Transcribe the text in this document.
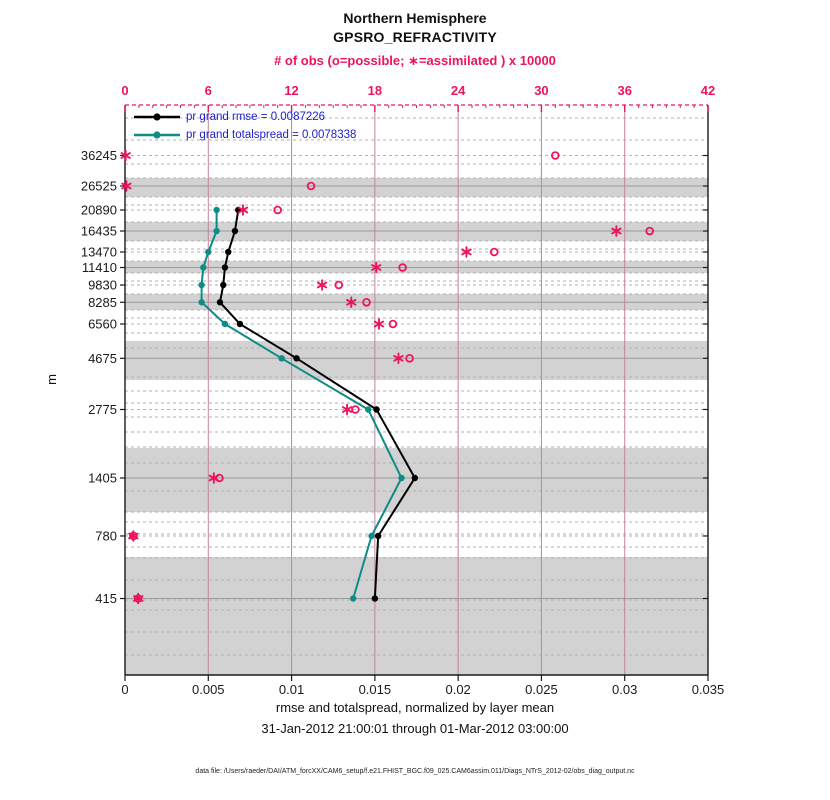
Northern Hemisphere
GPSRO_REFRACTIVITY
# of obs (o=possible; ∗=assimilated ) x 10000
0	6	12	18	24	30	36	42
0	0.005	0.01	0.015	0.02	0.025	0.03	0.035
36245
26525
20890
16435
13470
11410
9830
8285
6560
4675
2775
1405
780
415
pr grand rmse = 0.0087226
pr grand totalspread = 0.0078338
m
rmse and totalspread, normalized by layer mean
31-Jan-2012 21:00:01 through 01-Mar-2012 03:00:00
data file: /Users/raeder/DAI/ATM_forcXX/CAM6_setup/f.e21.FHIST_BGC.f09_025.CAM6assim.011/Diags_NTrS_2012-02/obs_diag_output.nc
